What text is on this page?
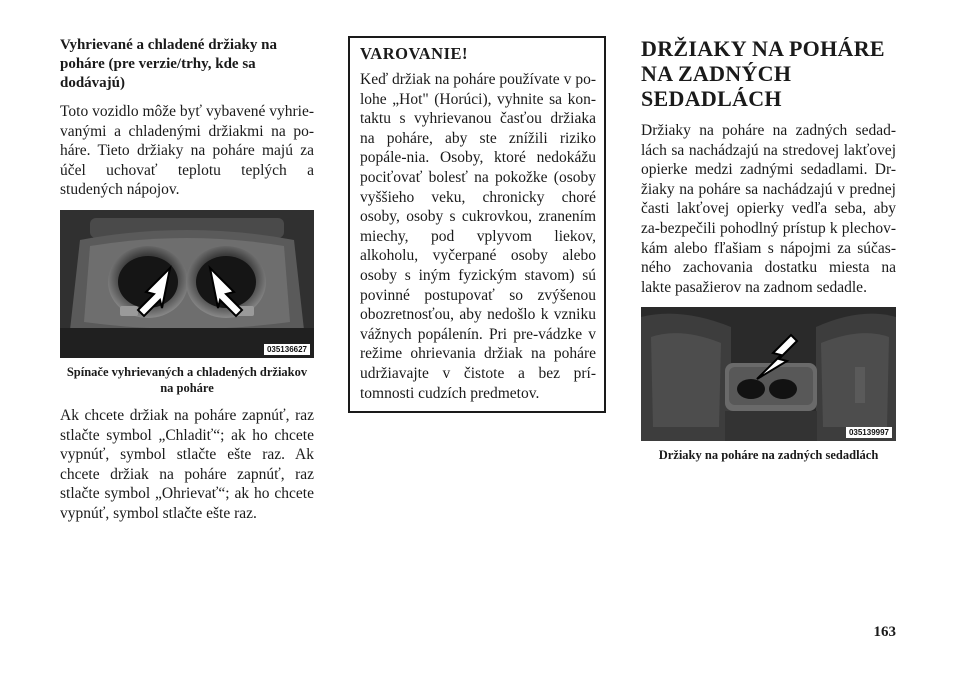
Vyhrievané a chladené držiaky na poháre (pre verzie/trhy, kde sa dodávajú)

Toto vozidlo môže byť vybavené vyhrie-vanými a chladenými držiakmi na po-háre. Tieto držiaky na poháre majú za účel uchovať teplotu teplých a studených nápojov.

035136627

Spínače vyhrievaných a chladených držiakov na poháre

Ak chcete držiak na poháre zapnúť, raz stlačte symbol „Chladiť“; ak ho chcete vypnúť, symbol stlačte ešte raz. Ak chcete držiak na poháre zapnúť, raz stlačte symbol „Ohrievať“; ak ho chcete vypnúť, symbol stlačte ešte raz.

VAROVANIE!

Keď držiak na poháre používate v po-lohe „Hot" (Horúci), vyhnite sa kon-taktu s vyhrievanou časťou držiaka na poháre, aby ste znížili riziko popále-nia. Osoby, ktoré nedokážu pociťovať bolesť na pokožke (osoby vyššieho veku, chronicky choré osoby, osoby s cukrovkou, zranením miechy, pod vplyvom liekov, alkoholu, vyčerpané osoby alebo osoby s iným fyzickým stavom) sú povinné postupovať so zvýšenou obozretnosťou, aby nedošlo k vzniku vážnych popálenín. Pri pre-vádzke v režime ohrievania držiak na poháre udržiavajte v čistote a bez prí-tomnosti cudzích predmetov.

DRŽIAKY NA POHÁRE NA ZADNÝCH SEDADLÁCH

Držiaky na poháre na zadných sedad-lách sa nachádzajú na stredovej lakťovej opierke medzi zadnými sedadlami. Dr-žiaky na poháre sa nachádzajú v prednej časti lakťovej opierky vedľa seba, aby za-bezpečili pohodlný prístup k plechov-kám alebo fľašiam s nápojmi za súčas-ného zachovania dostatku miesta na lakte pasažierov na zadnom sedadle.

035139997

Držiaky na poháre na zadných sedadlách

163
